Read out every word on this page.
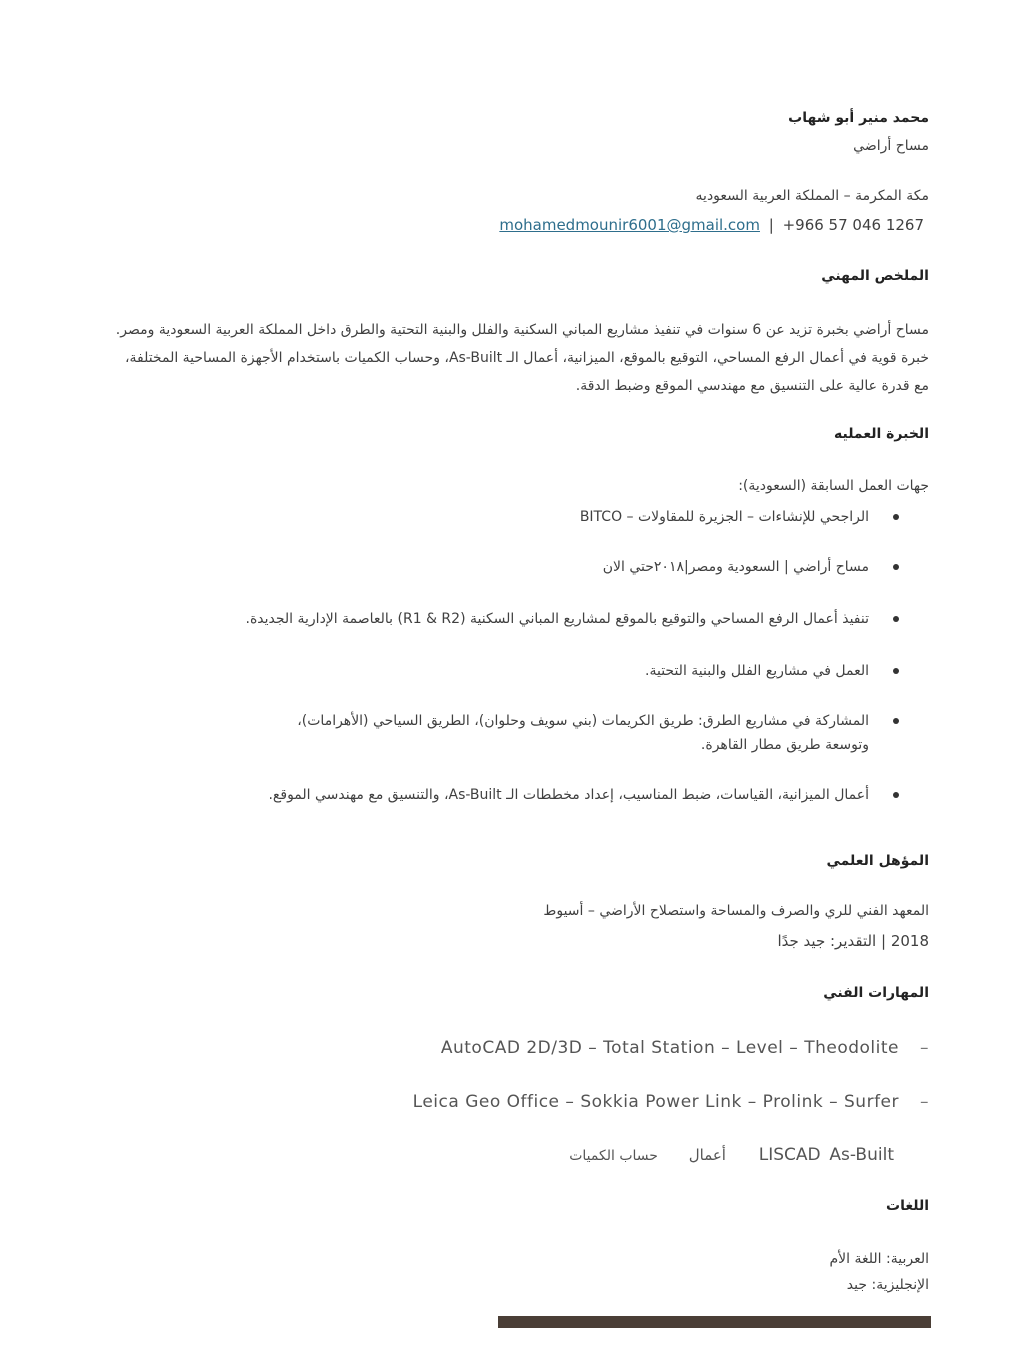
محمد منير أبو شهاب
مساح أراضي
مكة المكرمة – المملكة العربية السعوديه
mohamedmounir6001@gmail.com | +966 57 046 1267
الملخص المهني
مساح أراضي بخبرة تزيد عن 6 سنوات في تنفيذ مشاريع المباني السكنية والفلل والبنية التحتية والطرق داخل المملكة العربية السعودية ومصر. خبرة قوية في أعمال الرفع المساحي، التوقيع بالموقع، الميزانية، أعمال الـ As-Built، وحساب الكميات باستخدام الأجهزة المساحية المختلفة، مع قدرة عالية على التنسيق مع مهندسي الموقع وضبط الدقة.
الخبرة العمليه
جهات العمل السابقة (السعودية):
الراجحي للإنشاءات – الجزيرة للمقاولات – BITCO
مساح أراضي | السعودية ومصر|٢٠١٨حتي الان
تنفيذ أعمال الرفع المساحي والتوقيع بالموقع لمشاريع المباني السكنية (R1 & R2) بالعاصمة الإدارية الجديدة.
العمل في مشاريع الفلل والبنية التحتية.
المشاركة في مشاريع الطرق: طريق الكريمات (بني سويف وحلوان)، الطريق السياحي (الأهرامات)، وتوسعة طريق مطار القاهرة.
أعمال الميزانية، القياسات، ضبط المناسيب، إعداد مخططات الـ As-Built، والتنسيق مع مهندسي الموقع.
المؤهل العلمي
المعهد الفني للري والصرف والمساحة واستصلاح الأراضي – أسيوط
2018 | التقدير: جيد جدًا
المهارات الفني
AutoCAD 2D/3D – Total Station – Level – Theodolite –
Leica Geo Office – Sokkia Power Link – Prolink – Surfer –
LISCAD As-Built أعمال حساب الكميات
اللغات
العربية: اللغة الأم
الإنجليزية: جيد
